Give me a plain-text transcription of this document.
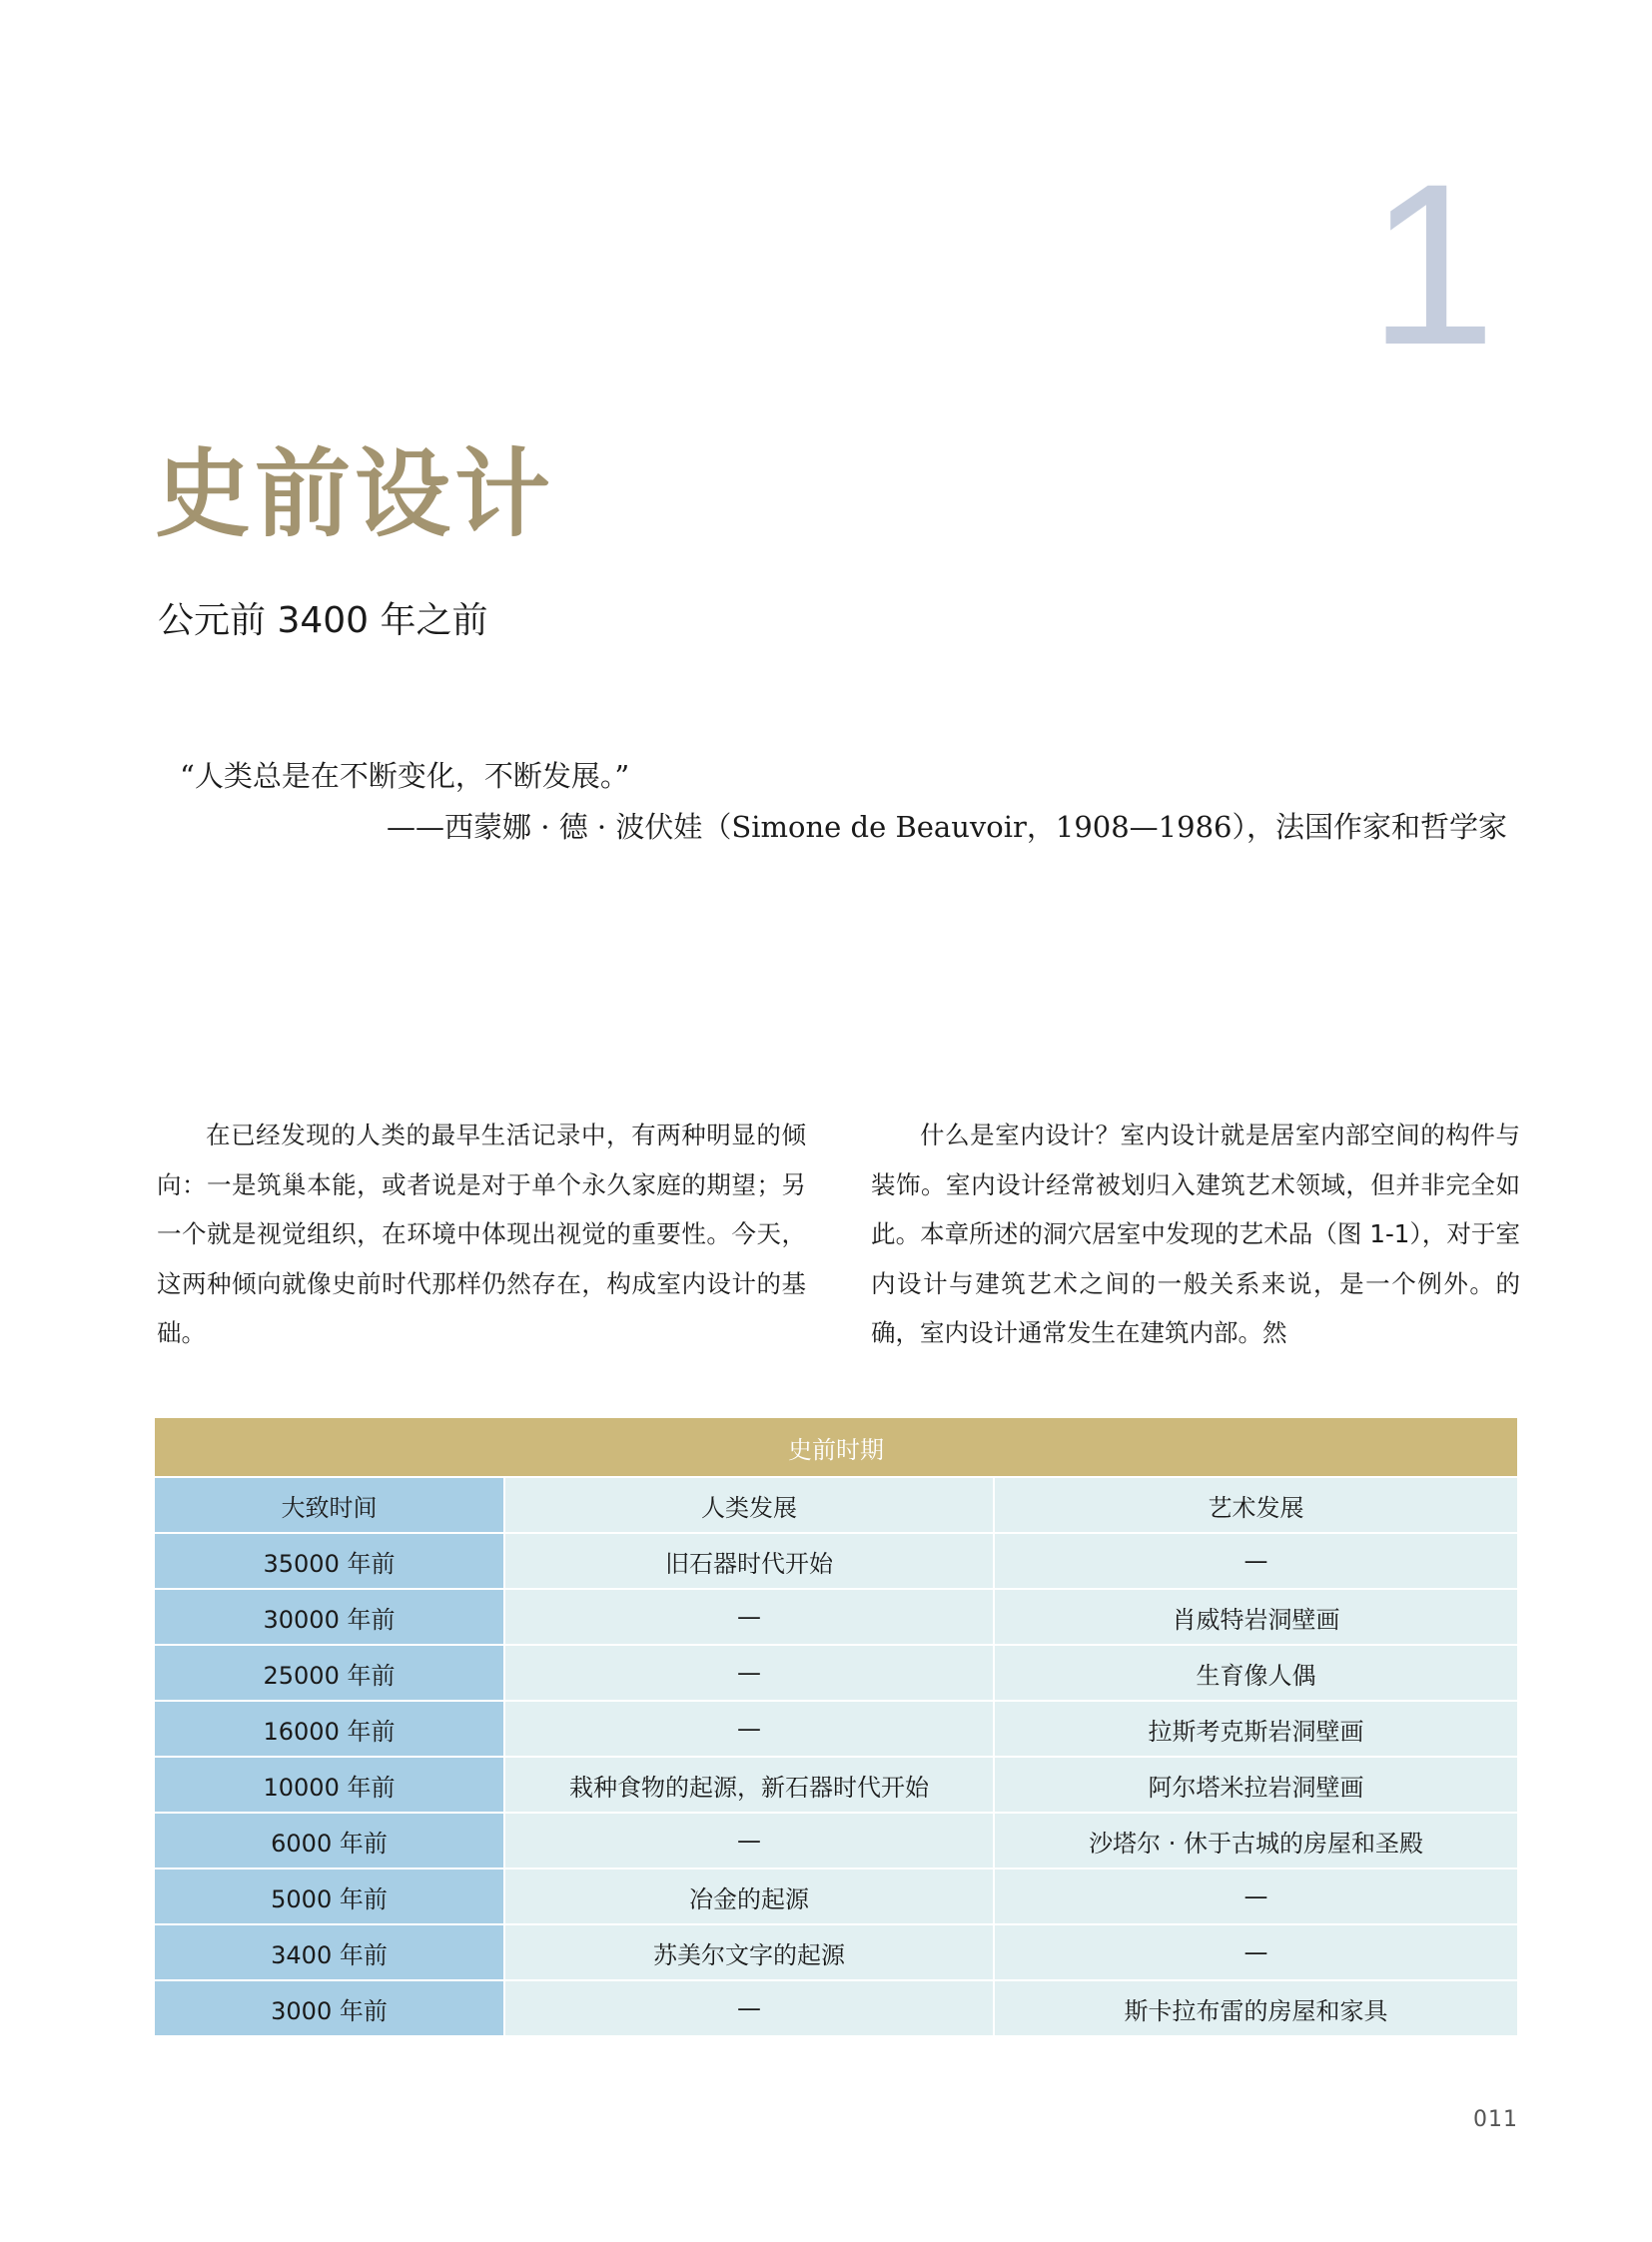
1
史前设计
公元前 3400 年之前
“人类总是在不断变化，不断发展。”
——西蒙娜 · 德 · 波伏娃（Simone de Beauvoir，1908—1986），法国作家和哲学家

在已经发现的人类的最早生活记录中，有两种明显的倾向：一是筑巢本能，或者说是对于单个永久家庭的期望；另一个就是视觉组织，在环境中体现出视觉的重要性。今天，这两种倾向就像史前时代那样仍然存在，构成室内设计的基础。

什么是室内设计？室内设计就是居室内部空间的构件与装饰。室内设计经常被划归入建筑艺术领域，但并非完全如此。本章所述的洞穴居室中发现的艺术品（图 1-1），对于室内设计与建筑艺术之间的一般关系来说，是一个例外。的确，室内设计通常发生在建筑内部。然

史前时期		
大致时间	人类发展	艺术发展
35000 年前	旧石器时代开始	—
30000 年前	—	肖威特岩洞壁画
25000 年前	—	生育像人偶
16000 年前	—	拉斯考克斯岩洞壁画
10000 年前	栽种食物的起源，新石器时代开始	阿尔塔米拉岩洞壁画
6000 年前	—	沙塔尔 · 休于古城的房屋和圣殿
5000 年前	冶金的起源	—
3400 年前	苏美尔文字的起源	—
3000 年前	—	斯卡拉布雷的房屋和家具
011
